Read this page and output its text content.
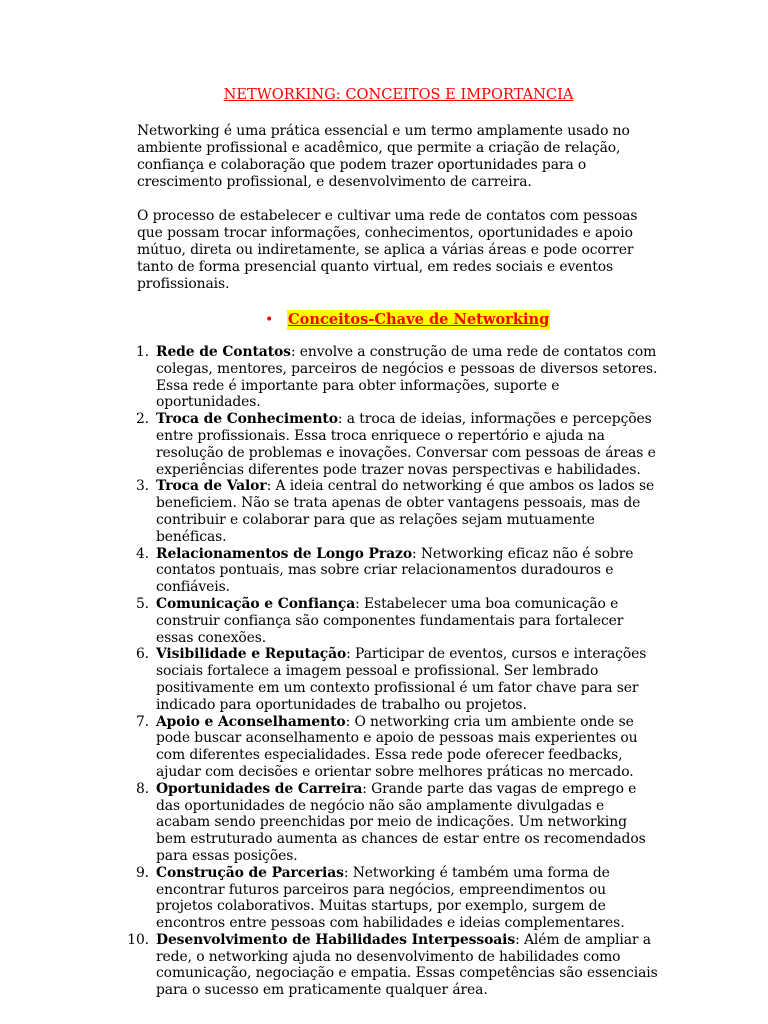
NETWORKING: CONCEITOS E IMPORTANCIA

Networking é uma prática essencial e um termo amplamente usado no ambiente profissional e acadêmico, que permite a criação de relação, confiança e colaboração que podem trazer oportunidades para o crescimento profissional, e desenvolvimento de carreira.

O processo de estabelecer e cultivar uma rede de contatos com pessoas que possam trocar informações, conhecimentos, oportunidades e apoio mútuo, direta ou indiretamente, se aplica a várias áreas e pode ocorrer tanto de forma presencial quanto virtual, em redes sociais e eventos profissionais.

• Conceitos-Chave de Networking
1. Rede de Contatos: envolve a construção de uma rede de contatos com colegas, mentores, parceiros de negócios e pessoas de diversos setores. Essa rede é importante para obter informações, suporte e oportunidades.
2. Troca de Conhecimento: a troca de ideias, informações e percepções entre profissionais. Essa troca enriquece o repertório e ajuda na resolução de problemas e inovações. Conversar com pessoas de áreas e experiências diferentes pode trazer novas perspectivas e habilidades.
3. Troca de Valor: A ideia central do networking é que ambos os lados se beneficiem. Não se trata apenas de obter vantagens pessoais, mas de contribuir e colaborar para que as relações sejam mutuamente benéficas.
4. Relacionamentos de Longo Prazo: Networking eficaz não é sobre contatos pontuais, mas sobre criar relacionamentos duradouros e confiáveis.
5. Comunicação e Confiança: Estabelecer uma boa comunicação e construir confiança são componentes fundamentais para fortalecer essas conexões.
6. Visibilidade e Reputação: Participar de eventos, cursos e interações sociais fortalece a imagem pessoal e profissional. Ser lembrado positivamente em um contexto profissional é um fator chave para ser indicado para oportunidades de trabalho ou projetos.
7. Apoio e Aconselhamento: O networking cria um ambiente onde se pode buscar aconselhamento e apoio de pessoas mais experientes ou com diferentes especialidades. Essa rede pode oferecer feedbacks, ajudar com decisões e orientar sobre melhores práticas no mercado.
8. Oportunidades de Carreira: Grande parte das vagas de emprego e das oportunidades de negócio não são amplamente divulgadas e acabam sendo preenchidas por meio de indicações. Um networking bem estruturado aumenta as chances de estar entre os recomendados para essas posições.
9. Construção de Parcerias: Networking é também uma forma de encontrar futuros parceiros para negócios, empreendimentos ou projetos colaborativos. Muitas startups, por exemplo, surgem de encontros entre pessoas com habilidades e ideias complementares.
10. Desenvolvimento de Habilidades Interpessoais: Além de ampliar a rede, o networking ajuda no desenvolvimento de habilidades como comunicação, negociação e empatia. Essas competências são essenciais para o sucesso em praticamente qualquer área.
